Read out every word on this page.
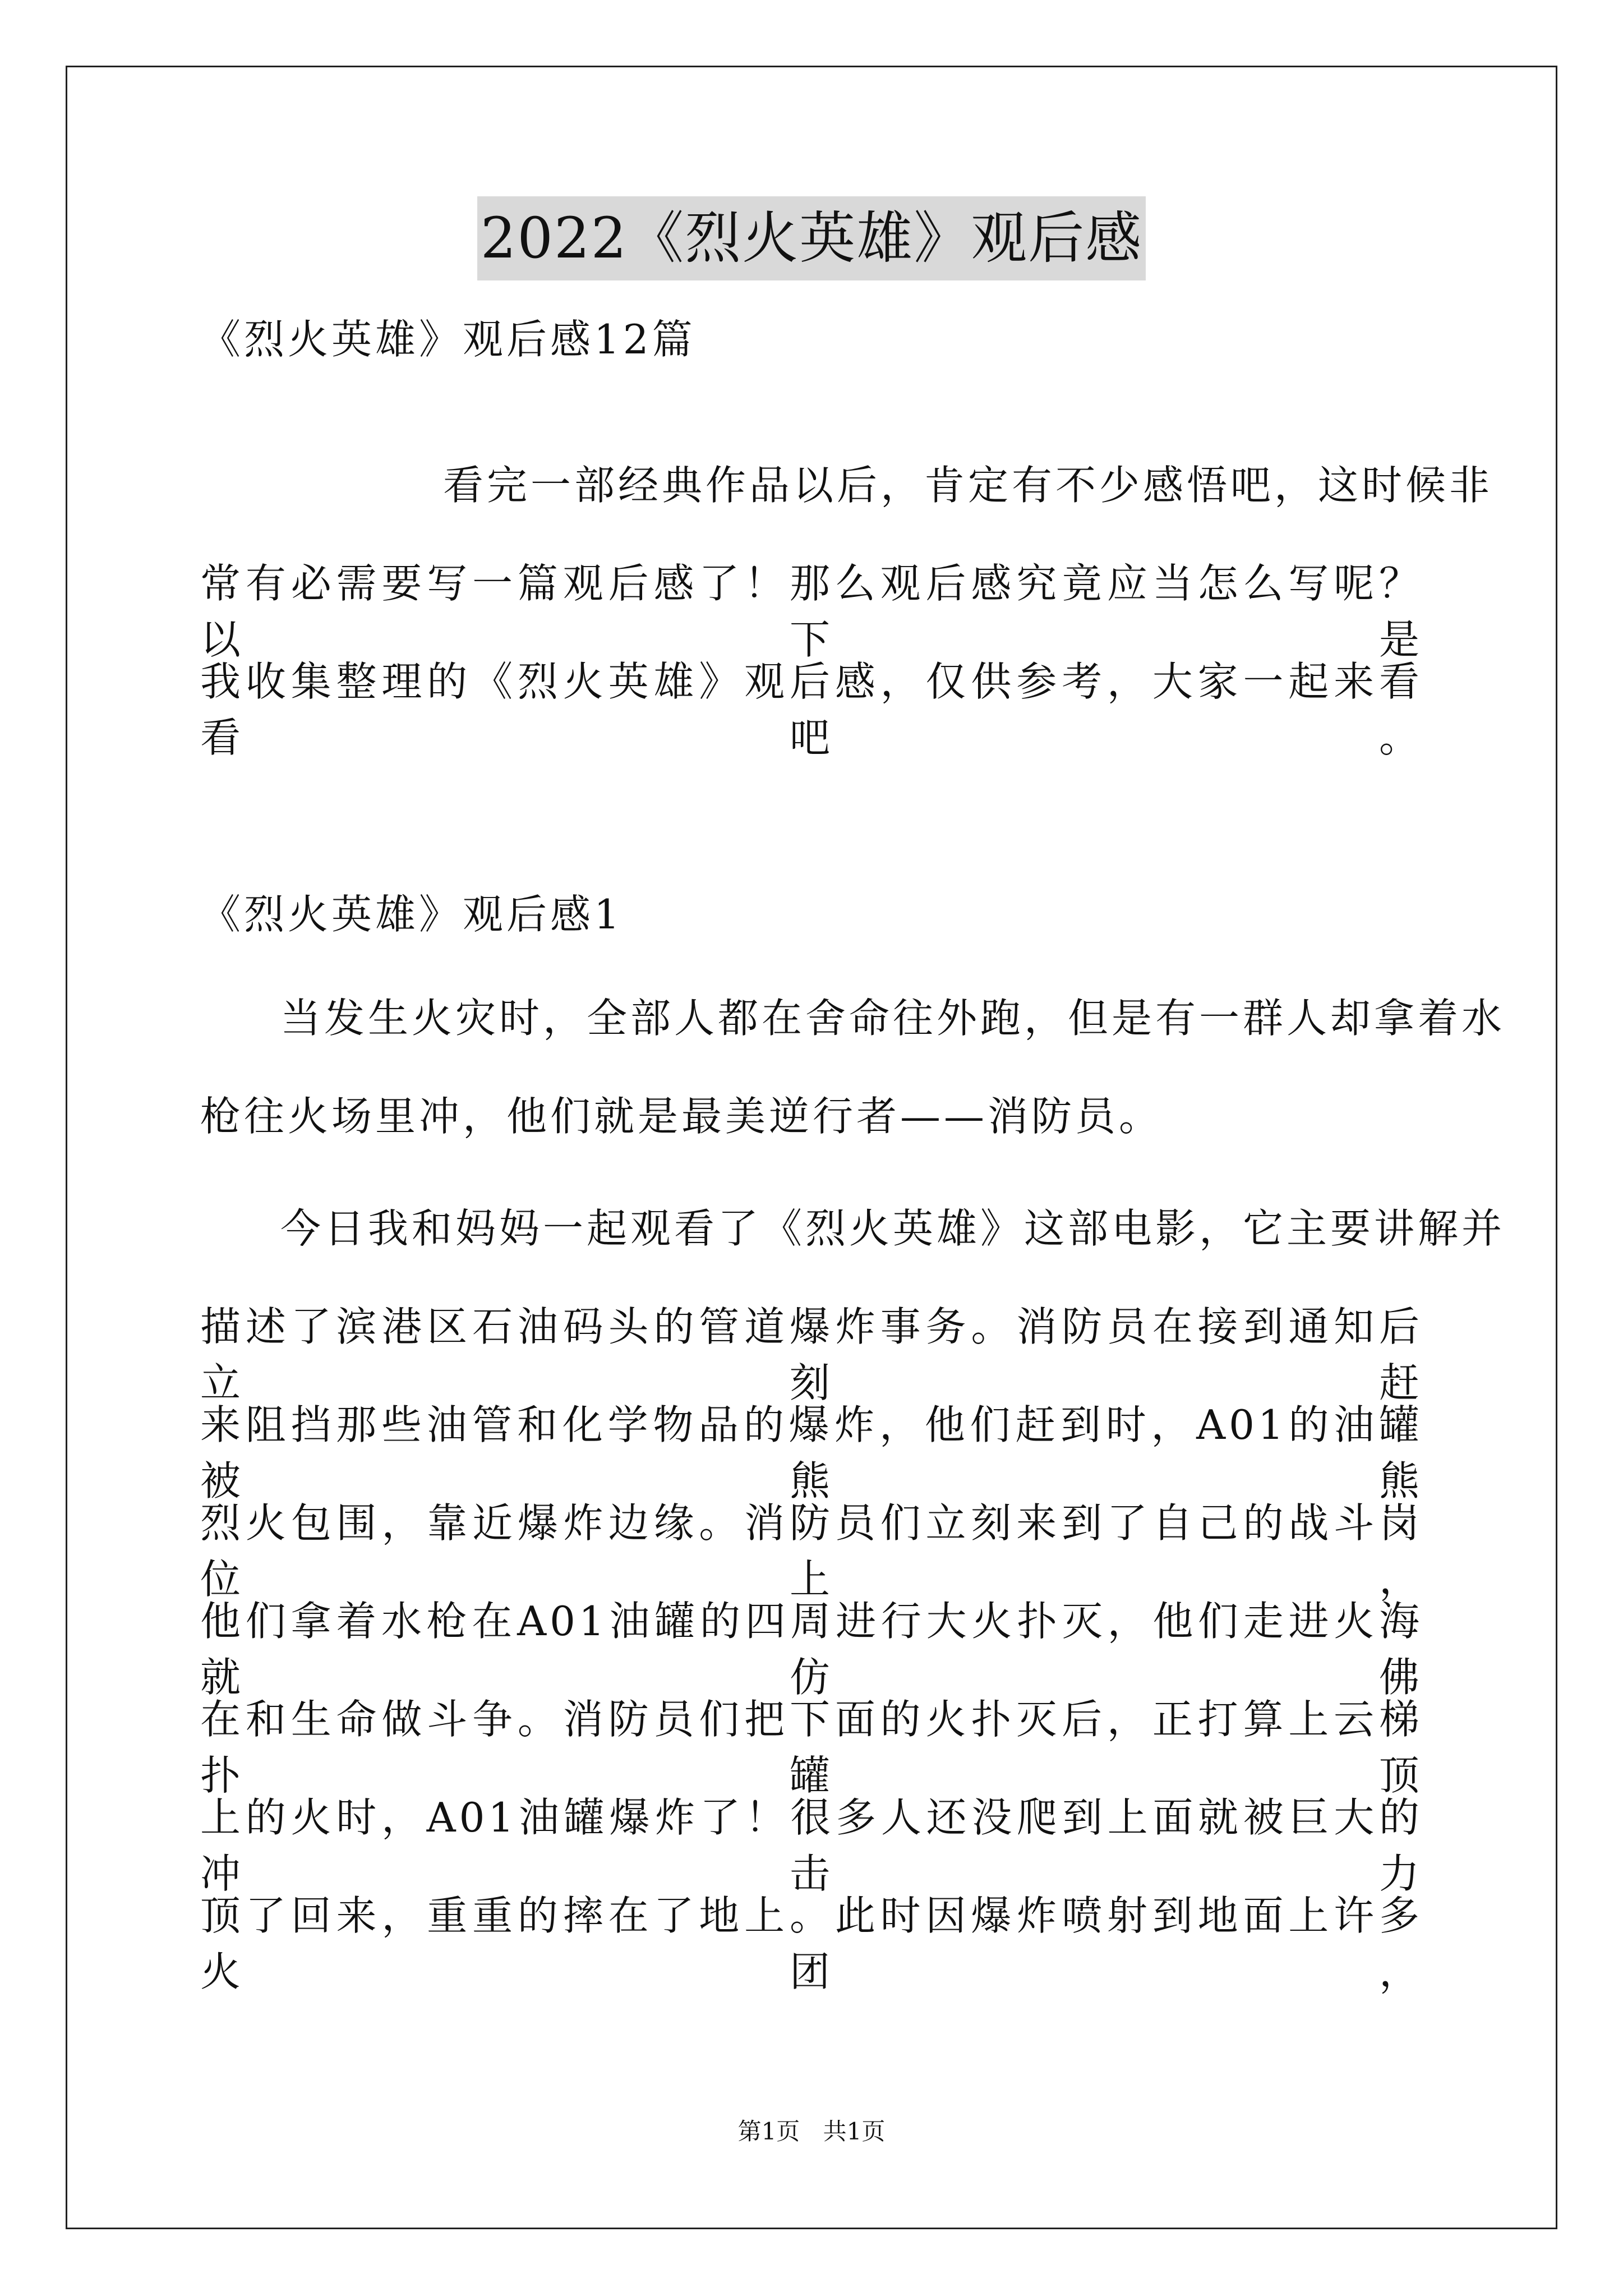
2022《烈火英雄》观后感
《烈火英雄》观后感12篇
看完一部经典作品以后，肯定有不少感悟吧，这时候非
常有必需要写一篇观后感了！那么观后感究竟应当怎么写呢？以下是
我收集整理的《烈火英雄》观后感，仅供参考，大家一起来看看吧。
《烈火英雄》观后感1
当发生火灾时，全部人都在舍命往外跑，但是有一群人却拿着水
枪往火场里冲，他们就是最美逆行者——消防员。
今日我和妈妈一起观看了《烈火英雄》这部电影，它主要讲解并
描述了滨港区石油码头的管道爆炸事务。消防员在接到通知后立刻赶
来阻挡那些油管和化学物品的爆炸，他们赶到时，A01的油罐被熊熊
烈火包围，靠近爆炸边缘。消防员们立刻来到了自己的战斗岗位上，
他们拿着水枪在A01油罐的四周进行大火扑灭，他们走进火海就仿佛
在和生命做斗争。消防员们把下面的火扑灭后，正打算上云梯扑罐顶
上的火时，A01油罐爆炸了！很多人还没爬到上面就被巨大的冲击力
顶了回来，重重的摔在了地上。此时因爆炸喷射到地面上许多火团，
第1页 共1页
